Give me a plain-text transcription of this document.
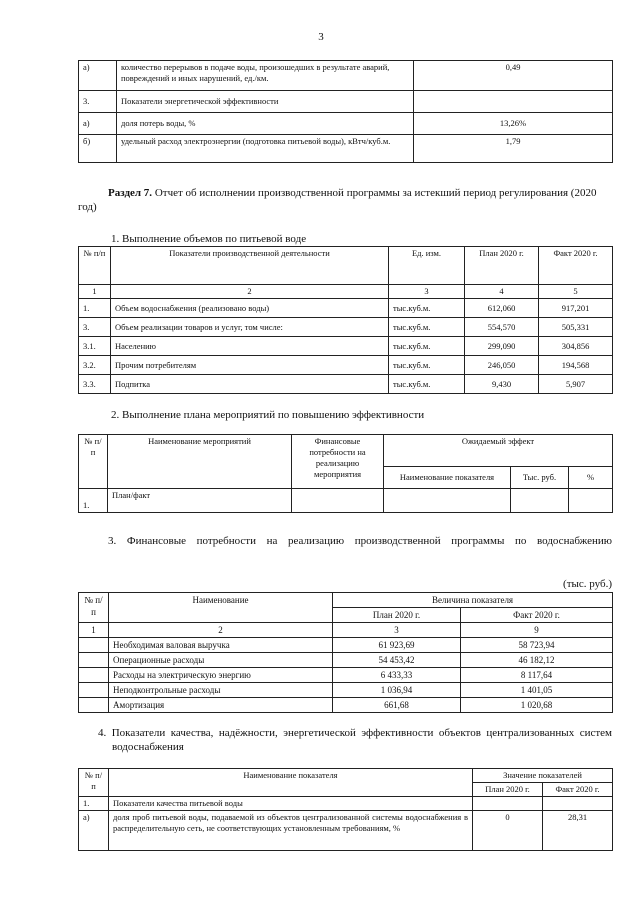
3
а)	количество перерывов в подаче воды, произошедших в результате аварий, повреждений и иных нарушений, ед./км.	0,49
3.	Показатели энергетической эффективности	
а)	доля потерь воды, %	13,26%
б)	удельный расход электроэнергии (подготовка питьевой воды), кВтч/куб.м.	1,79
Раздел 7. Отчет об исполнении производственной программы за истекший период регулирования (2020 год)
1. Выполнение объемов по питьевой воде
№ п/п	Показатели производственной деятельности	Ед. изм.	План 2020 г.	Факт 2020 г.
1	2	3	4	5
1.	Объем водоснабжения (реализовано воды)	тыс.куб.м.	612,060	917,201
3.	Объем реализации товаров и услуг, том числе:	тыс.куб.м.	554,570	505,331
3.1.	Населению	тыс.куб.м.	299,090	304,856
3.2.	Прочим потребителям	тыс.куб.м.	246,050	194,568
3.3.	Подпитка	тыс.куб.м.	9,430	5,907
2. Выполнение плана мероприятий по повышению эффективности
№ п/п	Наименование мероприятий	Финансовые потребности на реализацию мероприятия	Ожидаемый эффект		
			Наименование показателя	Тыс. руб.	%
1.	План/факт				
3. Финансовые потребности на реализацию производственной программы по водоснабжению
(тыс. руб.)
№ п/п	Наименование	Величина показателя	
		План 2020 г.	Факт 2020 г.
1	2	3	9
	Необходимая валовая выручка	61 923,69	58 723,94
	Операционные расходы	54 453,42	46 182,12
	Расходы на электрическую энергию	6 433,33	8 117,64
	Неподконтрольные расходы	1 036,94	1 401,05
	Амортизация	661,68	1 020,68
4. Показатели качества, надёжности, энергетической эффективности объектов централизованных систем водоснабжения
№ п/п	Наименование показателя	Значение показателей	
		План 2020 г.	Факт 2020 г.
1.	Показатели качества питьевой воды		
а)	доля проб питьевой воды, подаваемой из объектов централизованной системы водоснабжения в распределительную сеть, не соответствующих установленным требованиям, %	0	28,31
